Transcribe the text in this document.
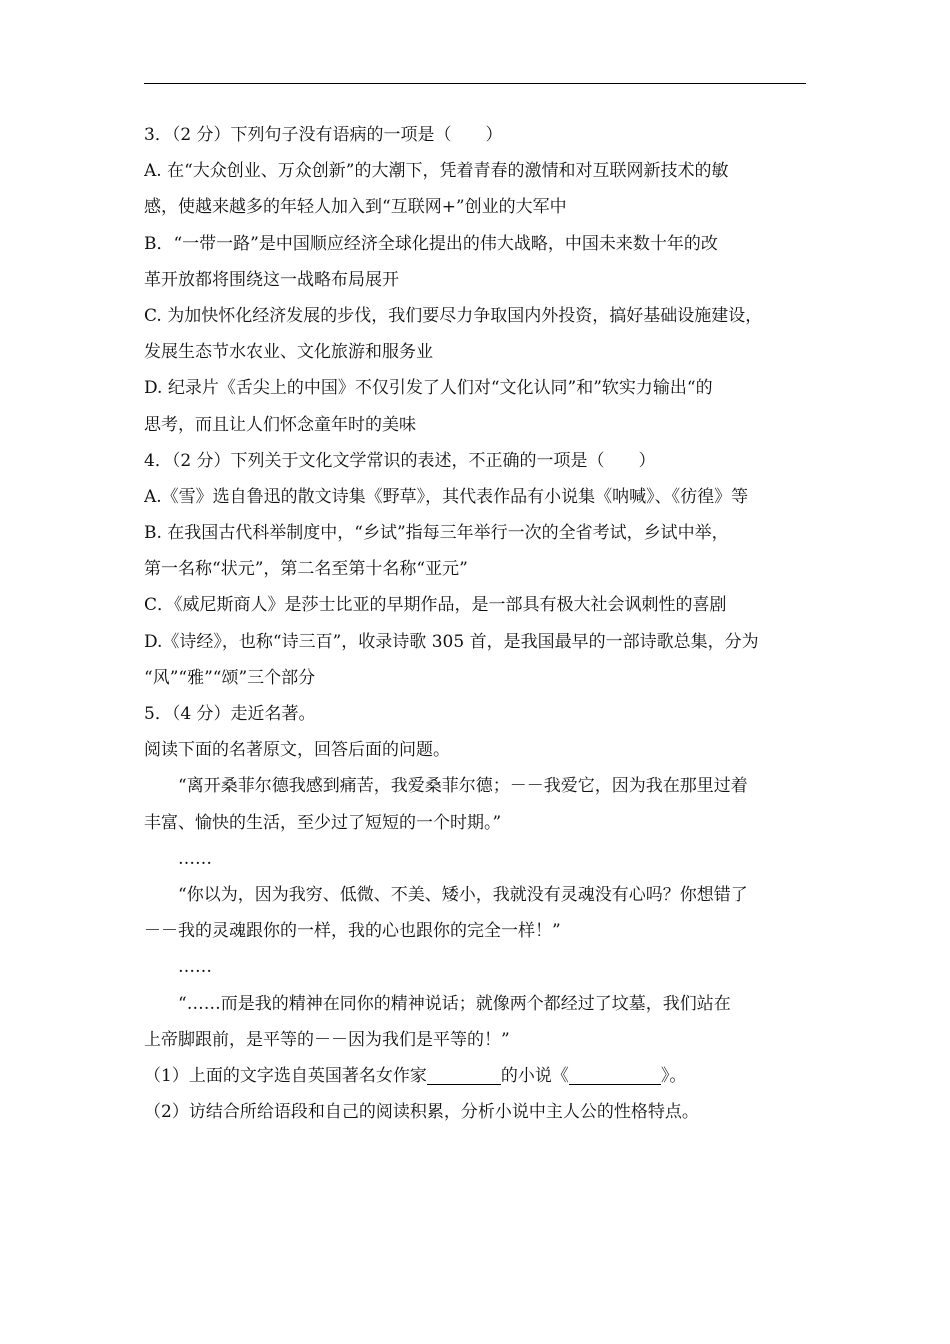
3．（2 分）下列句子没有语病的一项是（　　）
A. 在“大众创业、万众创新”的大潮下，凭着青春的激情和对互联网新技术的敏
感，使越来越多的年轻人加入到“互联网+”创业的大军中
B．“一带一路”是中国顺应经济全球化提出的伟大战略，中国未来数十年的改
革开放都将围绕这一战略布局展开
C. 为加快怀化经济发展的步伐，我们要尽力争取国内外投资，搞好基础设施建设，
发展生态节水农业、文化旅游和服务业
D. 纪录片《舌尖上的中国》不仅引发了人们对“文化认同”和”软实力输出“的
思考，而且让人们怀念童年时的美味
4．（2 分）下列关于文化文学常识的表述，不正确的一项是（　　）
A.《雪》选自鲁迅的散文诗集《野草》，其代表作品有小说集《呐喊》、《彷徨》等
B. 在我国古代科举制度中，“乡试”指每三年举行一次的全省考试，乡试中举，
第一名称“状元”，第二名至第十名称“亚元”
C．《威尼斯商人》是莎士比亚的早期作品，是一部具有极大社会讽刺性的喜剧
D.《诗经》，也称“诗三百”，收录诗歌 305 首，是我国最早的一部诗歌总集，分为
“风”“雅”“颂”三个部分
5．（4 分）走近名著。
阅读下面的名著原文，回答后面的问题。
“离开桑菲尔德我感到痛苦，我爱桑菲尔德；－－我爱它，因为我在那里过着
丰富、愉快的生活，至少过了短短的一个时期。”
……
“你以为，因为我穷、低微、不美、矮小，我就没有灵魂没有心吗？你想错了
－－我的灵魂跟你的一样，我的心也跟你的完全一样！”
……
“……而是我的精神在同你的精神说话；就像两个都经过了坟墓，我们站在
上帝脚跟前，是平等的－－因为我们是平等的！”
（1）上面的文字选自英国著名女作家	的小说《	》。
（2）访结合所给语段和自己的阅读积累，分析小说中主人公的性格特点。
